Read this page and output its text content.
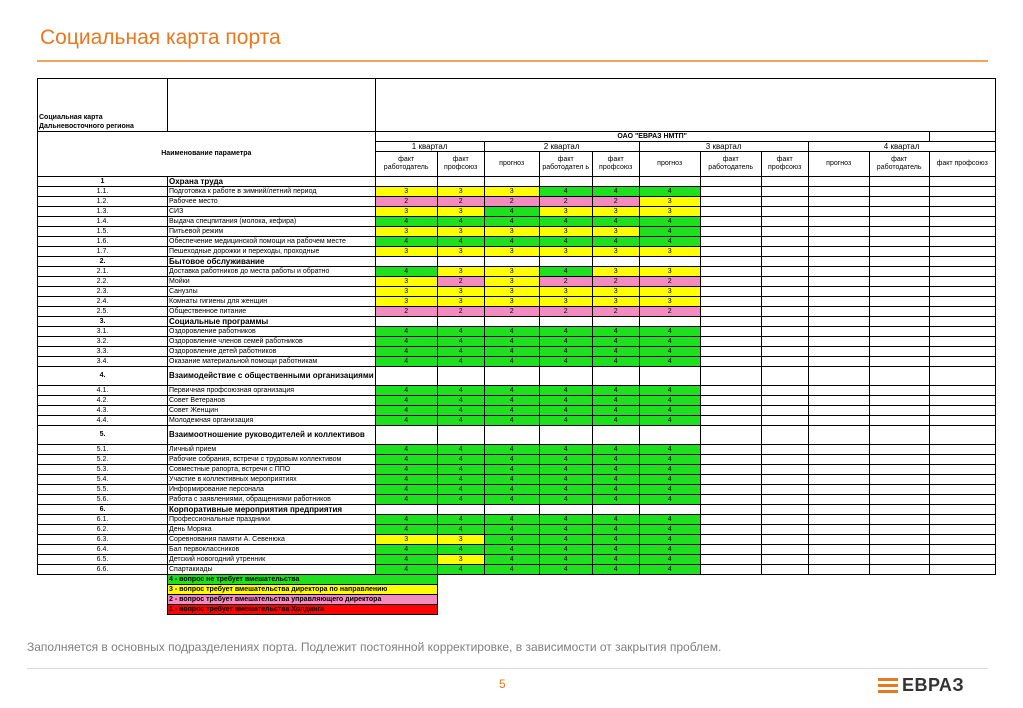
Социальная карта порта
Социальная карта
Дальневосточного региона												

Наименование параметра												
		ОАО "ЕВРАЗ НМТП"										
		1 квартал		2 квартал			3 квартал			4 квартал		
		факт работодатель	факт профсоюз	прогноз	факт работодател ь	факт профсоюз	прогноз	факт работодатель	факт профсоюз	прогноз	факт работодатель	факт профсоюз
1	Охрана труда											
1.1.	Подготовка к работе в зимний/летний период	3	3	3	4	4	4					
1.2.	Рабочее место	2	2	2	2	2	3					
1.3.	СИЗ	3	3	4	3	3	3					
1.4.	Выдача спецпитания (молока, кефира)	4	4	4	4	4	4					
1.5.	Питьевой режим	3	3	3	3	3	4					
1.6.	Обеспечение медицинской помощи на рабочем месте	4	4	4	4	4	4					
1.7.	Пешеходные дорожки и переходы, проходные	3	3	3	3	3	3					
2.	Бытовое обслуживание											
2.1.	Доставка работников до места работы и обратно	4	3	3	4	3	3					
2.2.	Мойки	3	2	3	2	2	2					
2.3.	Санузлы	3	3	3	3	3	3					
2.4.	Комнаты гигиены для женщин	3	3	3	3	3	3					
2.5.	Общественное питание	2	2	2	2	2	2					
3.	Социальные программы											
3.1.	Оздоровление работников	4	4	4	4	4	4					
3.2.	Оздоровление членов семей работников	4	4	4	4	4	4					
3.3.	Оздоровление детей работников	4	4	4	4	4	4					
3.4.	Оказание материальной помощи работникам	4	4	4	4	4	4					
4.	Взаимодействие с общественными организациями											
4.1.	Первичная профсоюзная организация	4	4	4	4	4	4					
4.2.	Совет Ветеранов	4	4	4	4	4	4					
4.3.	Совет Женщин	4	4	4	4	4	4					
4.4.	Молодежная организация	4	4	4	4	4	4					
5.	Взаимоотношение руководителей и коллективов											
5.1.	Личный прием	4	4	4	4	4	4					
5.2.	Рабочие собрания, встречи с трудовым коллективом	4	4	4	4	4	4					
5.3.	Совместные рапорта, встречи с ППО	4	4	4	4	4	4					
5.4.	Участие в коллективных мероприятиях	4	4	4	4	4	4					
5.5.	Информирование персонала	4	4	4	4	4	4					
5.6.	Работа с заявлениями, обращениями работников	4	4	4	4	4	4					
6.	Корпоративные мероприятия предприятия											
6.1.	Профессиональные праздники	4	4	4	4	4	4					
6.2.	День Моряка	4	4	4	4	4	4					
6.3.	Соревнования памяти А. Севенюка	3	3	4	4	4	4					
6.4.	Бал первоклассников	4	4	4	4	4	4					
6.5.	Детский новогодний утренник	4	3	4	4	4	4					
6.6.	Спартакиады	4	4	4	4	4	4					
	4 - вопрос не требует вмешательства											
	3 - вопрос требует вмешательства директора по направлению											
	2 - вопрос требует вмешательства управляющего директора											
	1 - вопрос требует вмешательства Холдинга											
Заполняется в основных подразделениях порта. Подлежит постоянной корректировке, в зависимости от закрытия проблем.
5	ЕВРАЗ
